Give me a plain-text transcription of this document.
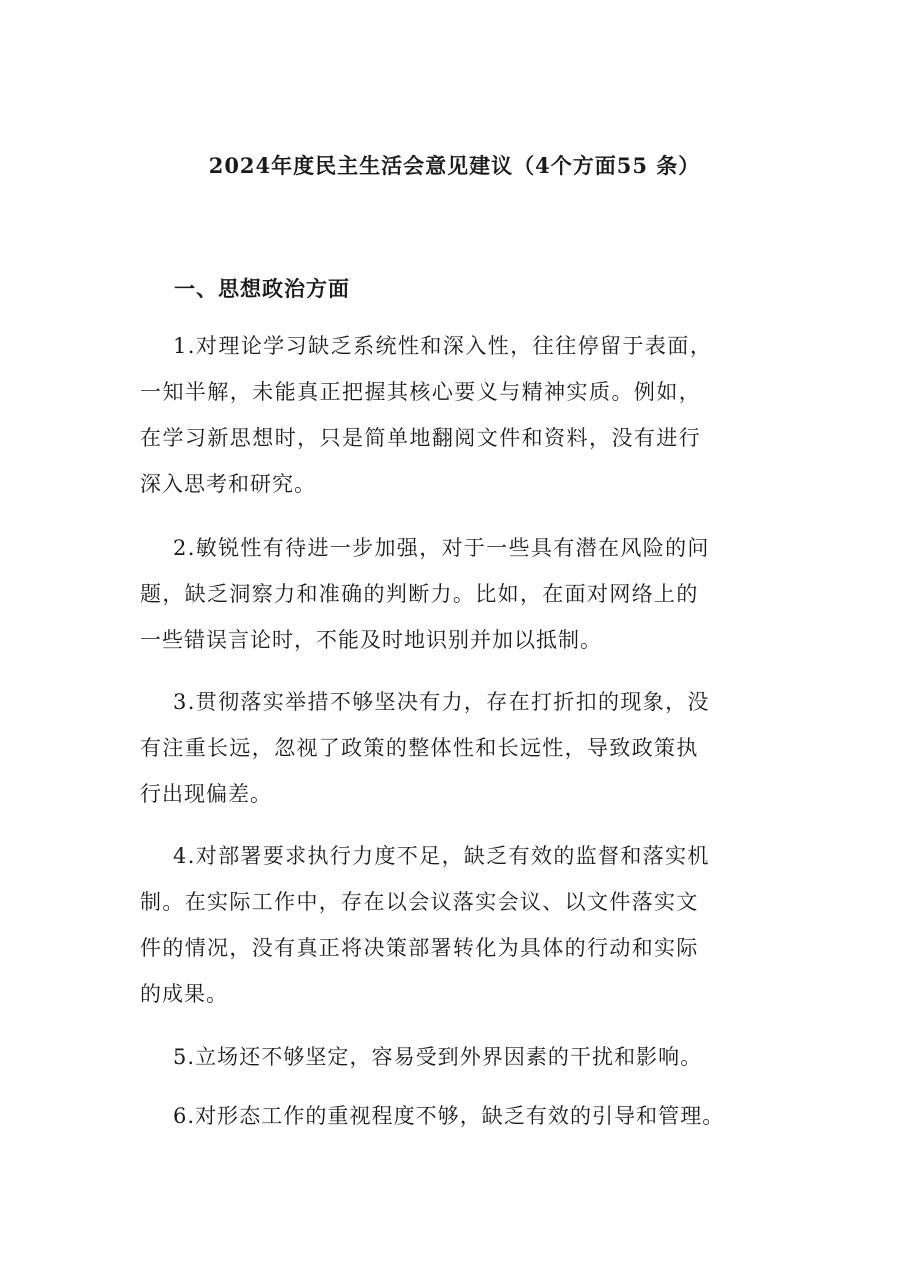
2024年度民主生活会意见建议（4个方面55 条）
一、思想政治方面
1.对理论学习缺乏系统性和深入性，往往停留于表面，
一知半解，未能真正把握其核心要义与精神实质。例如，
在学习新思想时，只是简单地翻阅文件和资料，没有进行
深入思考和研究。
2.敏锐性有待进一步加强，对于一些具有潜在风险的问
题，缺乏洞察力和准确的判断力。比如，在面对网络上的
一些错误言论时，不能及时地识别并加以抵制。
3.贯彻落实举措不够坚决有力，存在打折扣的现象，没
有注重长远，忽视了政策的整体性和长远性，导致政策执
行出现偏差。
4.对部署要求执行力度不足，缺乏有效的监督和落实机
制。在实际工作中，存在以会议落实会议、以文件落实文
件的情况，没有真正将决策部署转化为具体的行动和实际
的成果。
5.立场还不够坚定，容易受到外界因素的干扰和影响。
6.对形态工作的重视程度不够，缺乏有效的引导和管理。
